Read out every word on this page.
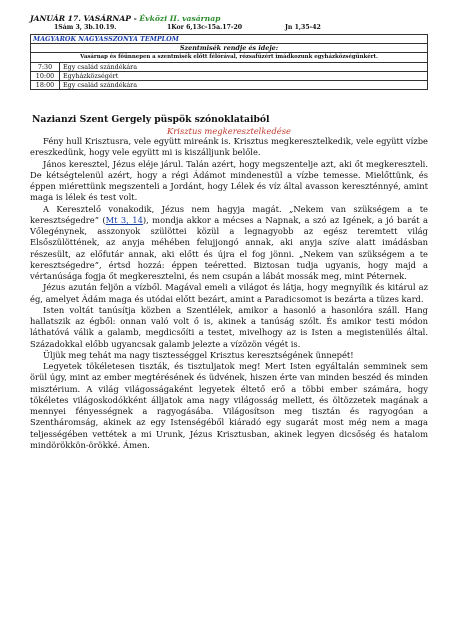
JANUÁR 17. VASÁRNAP - Évközi II. vasárnap
1Sám 3, 3b.10.19.	1Kor 6,13c-15a.17-20	Jn 1,35-42
MAGYAROK NAGYASSZONYA TEMPLOM
Szentmisék rendje és ideje:
Vasárnap és főünnepen a szentmisék előtt félórával, rózsafüzért imádkozunk egyházközségünkért.
7:30	Egy család szándékára
10:00	Egyházközségért
18:00	Egy család szándékára
Nazianzi Szent Gergely püspök szónoklataiból
Krisztus megkeresztelkedése

Fény hull Krisztusra, vele együtt mireánk is. Krisztus megkeresztelkedik, vele együtt vízbe ereszkedünk, hogy vele együtt mi is kiszálljunk belőle.

János keresztel, Jézus eléje járul. Talán azért, hogy megszentelje azt, aki őt megkereszteli. De kétségtelenül azért, hogy a régi Ádámot mindenestül a vízbe temesse. Mielőttünk, és éppen miérettünk megszenteli a Jordánt, hogy Lélek és víz által avasson kereszténnyé, amint maga is lélek és test volt.

A Keresztelő vonakodik, Jézus nem hagyja magát. „Nekem van szükségem a te keresztségedre” (Mt 3, 14), mondja akkor a mécses a Napnak, a szó az Igének, a jó barát a Vőlegénynek, asszonyok szülöttei közül a legnagyobb az egész teremtett világ Elsőszülöttének, az anyja méhében felujjongó annak, aki anyja szíve alatt imádásban részesült, az előfutár annak, aki előtt és újra el fog jönni. „Nekem van szükségem a te keresztségedre”, értsd hozzá: éppen teéretted. Biztosan tudja ugyanis, hogy majd a vértanúsága fogja őt megkeresztelni, és nem csupán a lábát mossák meg, mint Péternek.

Jézus azután feljön a vízből. Magával emeli a világot és látja, hogy megnyílik és kitárul az ég, amelyet Ádám maga és utódai előtt bezárt, amint a Paradicsomot is bezárta a tüzes kard.

Isten voltát tanúsítja közben a Szentlélek, amikor a hasonló a hasonlóra száll. Hang hallatszik az égből: onnan való volt ő is, akinek a tanúság szólt. És amikor testi módon láthatóvá válik a galamb, megdicsőíti a testet, mivelhogy az is Isten a megistenülés által. Századokkal előbb ugyancsak galamb jelezte a vízözön végét is.

Üljük meg tehát ma nagy tisztességgel Krisztus keresztségének ünnepét!

Legyetek tökéletesen tiszták, és tisztuljatok meg! Mert Isten egyáltalán semminek sem örül úgy, mint az ember megtérésének és üdvének, hiszen érte van minden beszéd és minden misztérium. A világ világosságaként legyetek éltető erő a többi ember számára, hogy tökéletes világoskodókként álljatok ama nagy világosság mellett, és öltözzetek magának a mennyei fényességnek a ragyogásába. Világosítson meg tisztán és ragyogóan a Szentháromság, akinek az egy Istenségéből kiáradó egy sugarát most még nem a maga teljességében vettétek a mi Urunk, Jézus Krisztusban, akinek legyen dicsőség és hatalom mindörökkön-örökké. Ámen.
